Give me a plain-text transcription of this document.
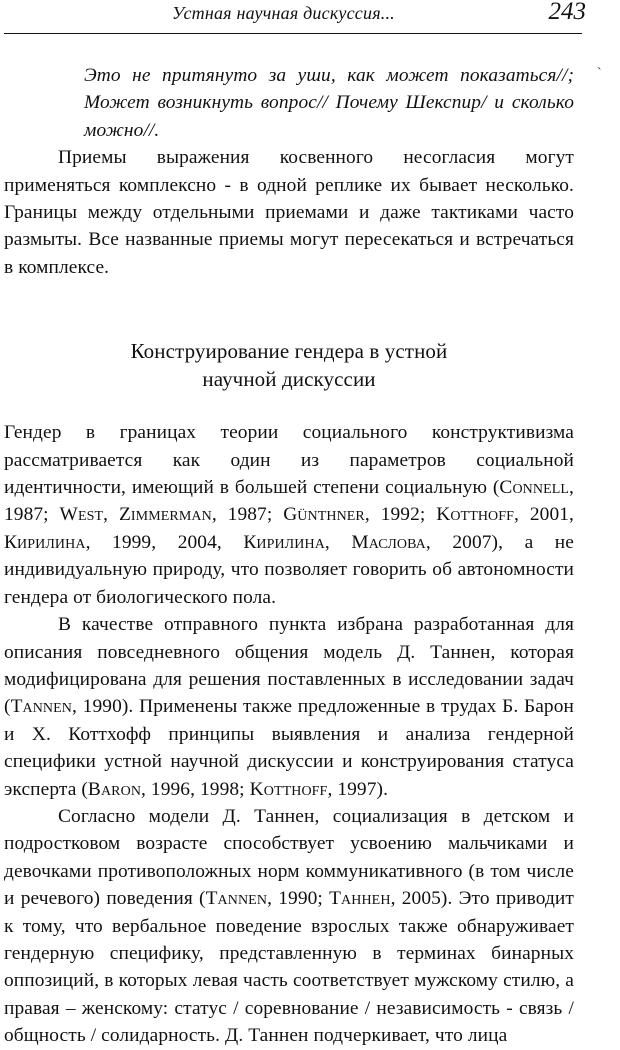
Устная научная дискуссия...	243
`

Это не притянуто за уши, как может показаться//; Может возникнуть вопрос// Почему Шекспир/ и сколько можно//.

Приемы выражения косвенного несогласия могут применяться комплексно - в одной реплике их бывает несколько. Границы между отдельными приемами и даже тактиками часто размыты. Все названные приемы могут пересекаться и встречаться в комплексе.

Конструирование гендера в устной
научной дискуссии

Гендер в границах теории социального конструктивизма рассматривается как один из параметров социальной идентичности, имеющий в большей степени социальную (Connell, 1987; West, Zimmerman, 1987; Günthner, 1992; Kotthoff, 2001, Кирилина, 1999, 2004, Кирилина, Маслова, 2007), а не индивидуальную природу, что позволяет говорить об автономности гендера от биологического пола.

В качестве отправного пункта избрана разработанная для описания повседневного общения модель Д. Таннен, которая модифицирована для решения поставленных в исследовании задач (Tannen, 1990). Применены также предложенные в трудах Б. Барон и Х. Коттхофф принципы выявления и анализа гендерной специфики устной научной дискуссии и конструирования статуса эксперта (Baron, 1996, 1998; Kotthoff, 1997).

Согласно модели Д. Таннен, социализация в детском и подростковом возрасте способствует усвоению мальчиками и девочками противоположных норм коммуникативного (в том числе и речевого) поведения (Tannen, 1990; Таннен, 2005). Это приводит к тому, что вербальное поведение взрослых также обнаруживает гендерную специфику, представленную в терминах бинарных оппозиций, в которых левая часть соответствует мужскому стилю, а правая – женскому: статус / соревнование / независимость - связь / общность / солидарность. Д. Таннен подчеркивает, что лица
